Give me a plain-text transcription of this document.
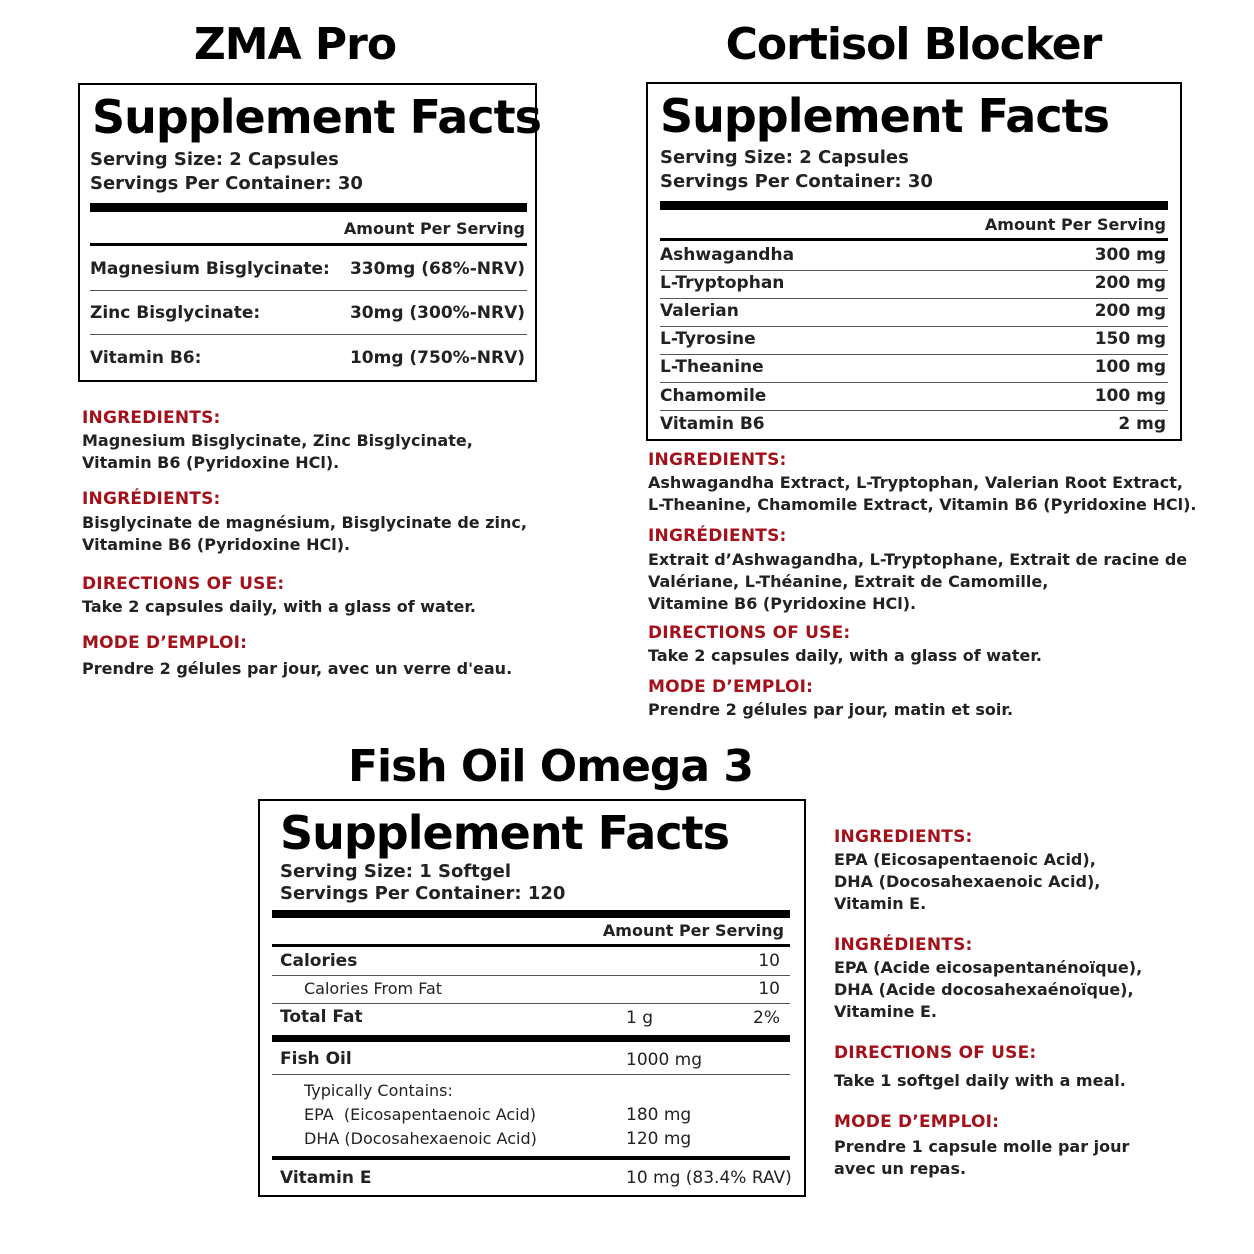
ZMA Pro
Supplement Facts
Serving Size: 2 Capsules
Servings Per Container: 30
Amount Per Serving
Magnesium Bisglycinate: 330mg (68%-NRV)
Zinc Bisglycinate:	30mg (300%-NRV)
Vitamin B6:	10mg (750%-NRV)
INGREDIENTS:
Magnesium Bisglycinate, Zinc Bisglycinate,
Vitamin B6 (Pyridoxine HCl).
INGRÉDIENTS:
Bisglycinate de magnésium, Bisglycinate de zinc,
Vitamine B6 (Pyridoxine HCl).
DIRECTIONS OF USE:
Take 2 capsules daily, with a glass of water.
MODE D’EMPLOI:
Prendre 2 gélules par jour, avec un verre d'eau.
Cortisol Blocker
Supplement Facts
Serving Size: 2 Capsules
Servings Per Container: 30
Amount Per Serving
Ashwagandha	300 mg
L-Tryptophan	200 mg
Valerian	200 mg
L-Tyrosine	150 mg
L-Theanine	100 mg
Chamomile	100 mg
Vitamin B6	2 mg
INGREDIENTS:
Ashwagandha Extract, L-Tryptophan, Valerian Root Extract,
L-Theanine, Chamomile Extract, Vitamin B6 (Pyridoxine HCl).
INGRÉDIENTS:
Extrait d’Ashwagandha, L-Tryptophane, Extrait de racine de
Valériane, L-Théanine, Extrait de Camomille,
Vitamine B6 (Pyridoxine HCl).
DIRECTIONS OF USE:
Take 2 capsules daily, with a glass of water.
MODE D’EMPLOI:
Prendre 2 gélules par jour, matin et soir.
Fish Oil Omega 3
Supplement Facts
Serving Size: 1 Softgel
Servings Per Container: 120
Amount Per Serving
Calories	10
Calories From Fat	10
Total Fat	1 g	2%
Fish Oil	1000 mg
Typically Contains:
EPA  (Eicosapentaenoic Acid)	180 mg
DHA (Docosahexaenoic Acid)	120 mg
Vitamin E	10 mg (83.4% RAV)
INGREDIENTS:
EPA (Eicosapentaenoic Acid),
DHA (Docosahexaenoic Acid),
Vitamin E.
INGRÉDIENTS:
EPA (Acide eicosapentanénoïque),
DHA (Acide docosahexaénoïque),
Vitamine E.
DIRECTIONS OF USE:
Take 1 softgel daily with a meal.
MODE D’EMPLOI:
Prendre 1 capsule molle par jour
avec un repas.
